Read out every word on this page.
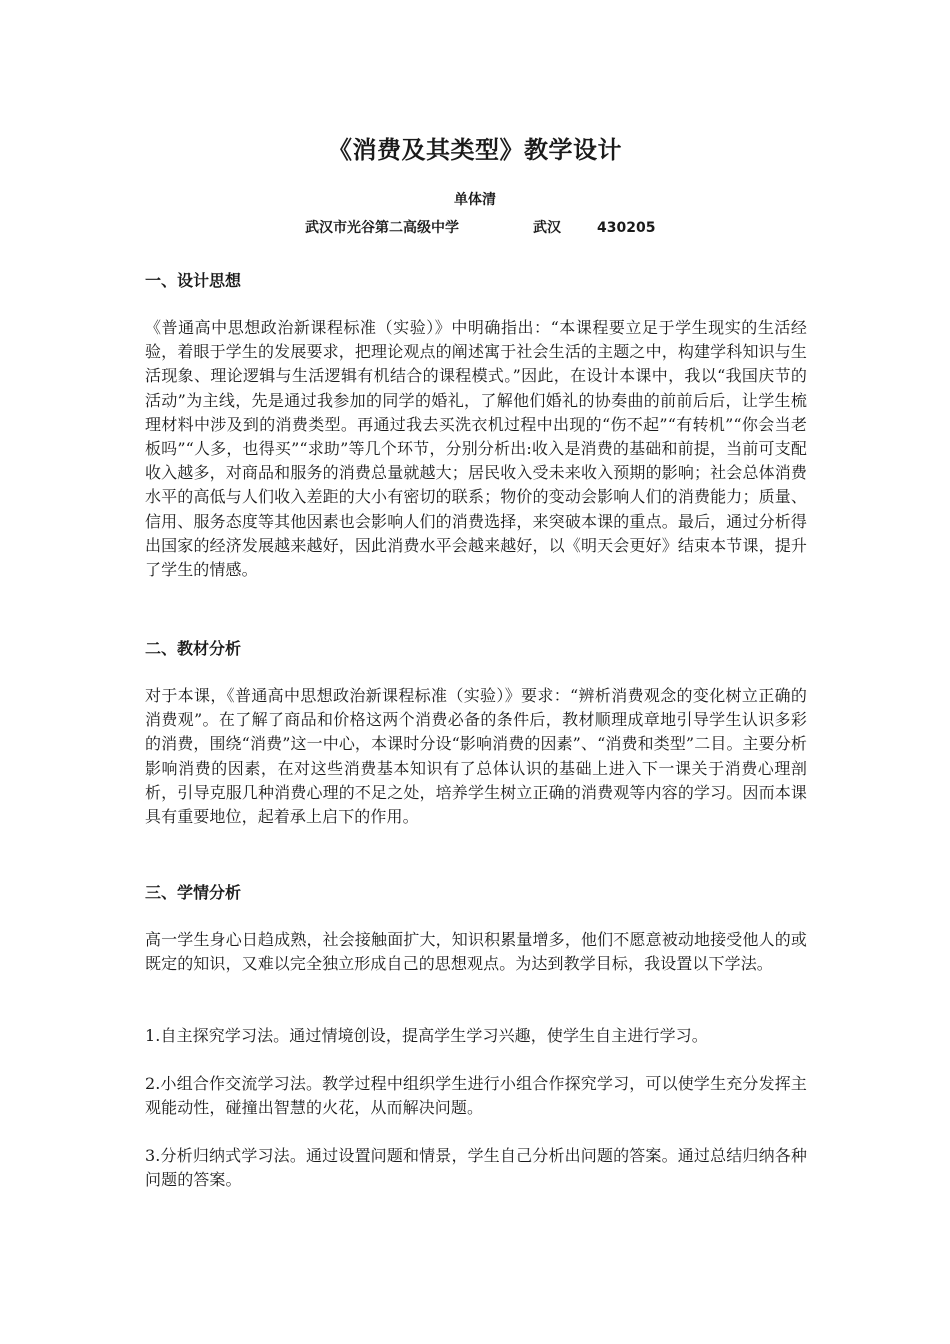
《消费及其类型》教学设计
单体清
武汉市光谷第二高级中学	武汉	430205
一、设计思想

《普通高中思想政治新课程标准（实验）》中明确指出：“本课程要立足于学生现实的生活经验，着眼于学生的发展要求，把理论观点的阐述寓于社会生活的主题之中，构建学科知识与生活现象、理论逻辑与生活逻辑有机结合的课程模式。”因此，在设计本课中，我以“我国庆节的活动”为主线，先是通过我参加的同学的婚礼，了解他们婚礼的协奏曲的前前后后，让学生梳理材料中涉及到的消费类型。再通过我去买洗衣机过程中出现的“伤不起”“有转机”“你会当老板吗”“人多，也得买”“求助”等几个环节，分别分析出:收入是消费的基础和前提，当前可支配收入越多，对商品和服务的消费总量就越大；居民收入受未来收入预期的影响；社会总体消费水平的高低与人们收入差距的大小有密切的联系；物价的变动会影响人们的消费能力；质量、信用、服务态度等其他因素也会影响人们的消费选择，来突破本课的重点。最后，通过分析得出国家的经济发展越来越好，因此消费水平会越来越好，以《明天会更好》结束本节课，提升了学生的情感。

二、教材分析

对于本课，《普通高中思想政治新课程标准（实验）》要求：“辨析消费观念的变化树立正确的消费观”。在了解了商品和价格这两个消费必备的条件后，教材顺理成章地引导学生认识多彩的消费，围绕“消费”这一中心，本课时分设“影响消费的因素”、“消费和类型”二目。主要分析影响消费的因素，在对这些消费基本知识有了总体认识的基础上进入下一课关于消费心理剖析，引导克服几种消费心理的不足之处，培养学生树立正确的消费观等内容的学习。因而本课具有重要地位，起着承上启下的作用。

三、学情分析

高一学生身心日趋成熟，社会接触面扩大，知识积累量增多，他们不愿意被动地接受他人的或既定的知识，又难以完全独立形成自己的思想观点。为达到教学目标，我设置以下学法。

1.自主探究学习法。通过情境创设，提高学生学习兴趣，使学生自主进行学习。

2.小组合作交流学习法。教学过程中组织学生进行小组合作探究学习，可以使学生充分发挥主观能动性，碰撞出智慧的火花，从而解决问题。

3.分析归纳式学习法。通过设置问题和情景，学生自己分析出问题的答案。通过总结归纳各种问题的答案。
